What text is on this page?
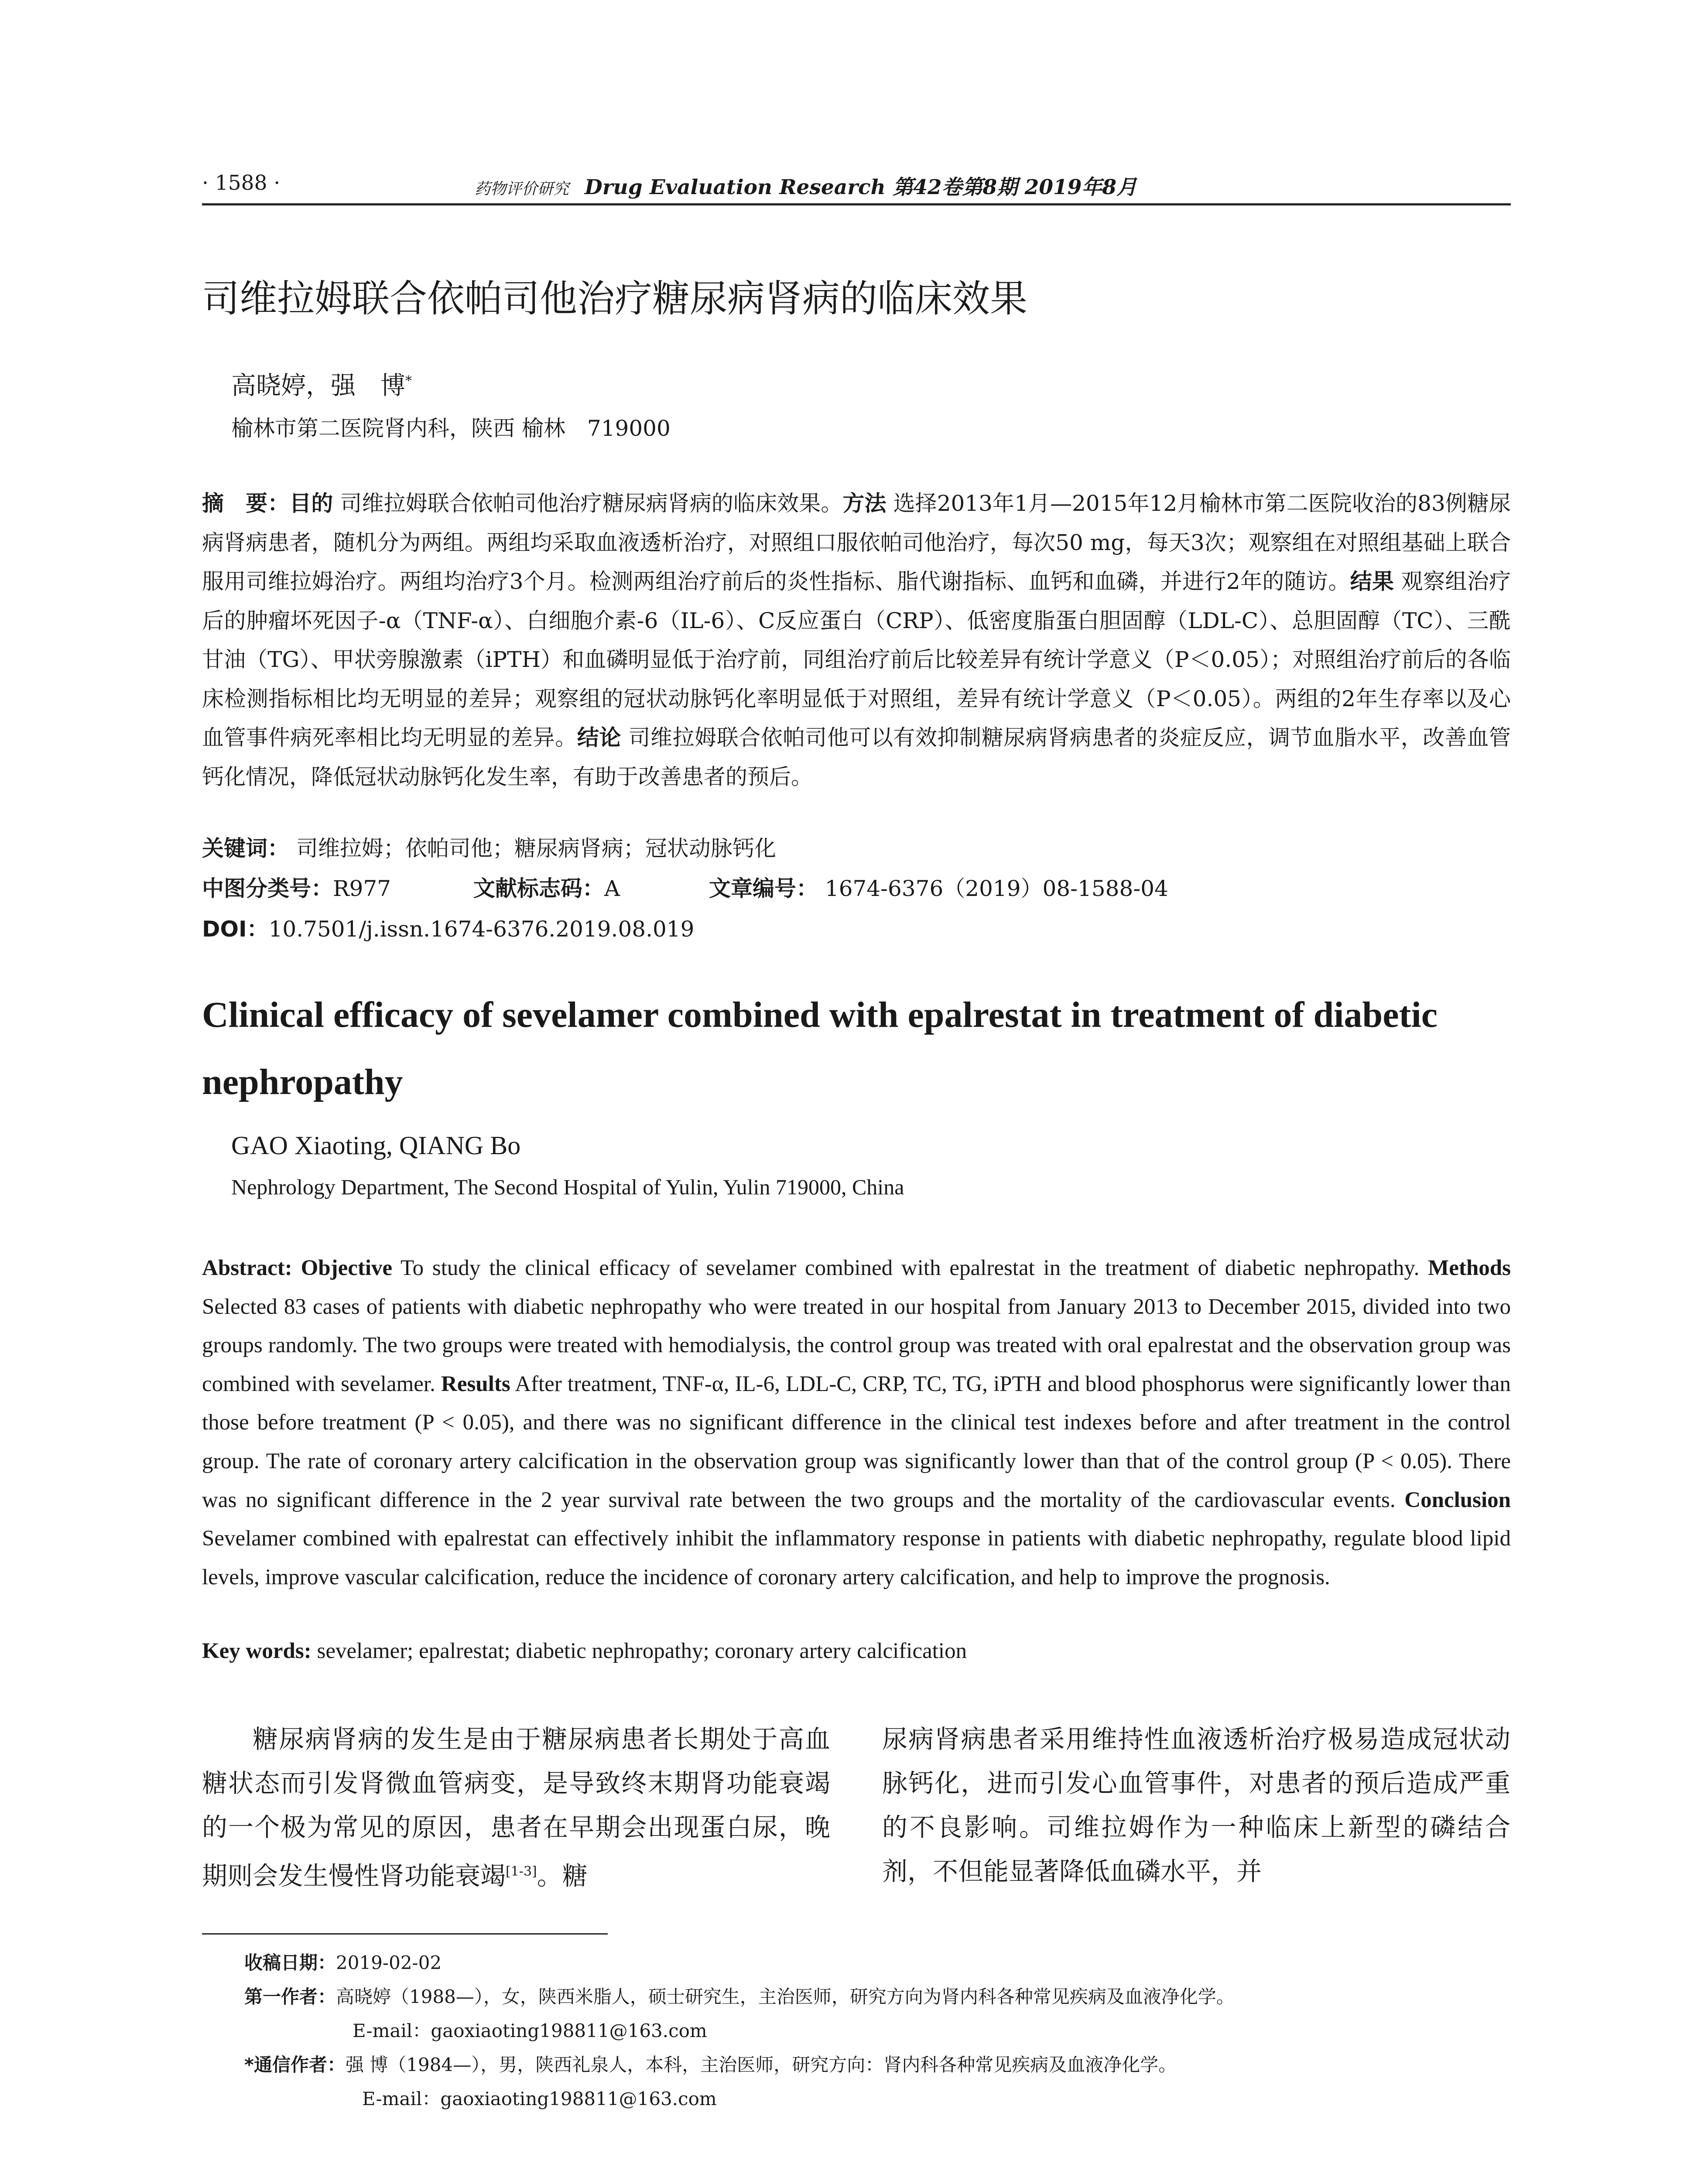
· 1588 ·	药物评价研究 Drug Evaluation Research 第42卷第8期 2019年8月
司维拉姆联合依帕司他治疗糖尿病肾病的临床效果
高晓婷，强　博*
榆林市第二医院肾内科，陕西 榆林　719000
摘　要：目的 司维拉姆联合依帕司他治疗糖尿病肾病的临床效果。方法 选择2013年1月—2015年12月榆林市第二医院收治的83例糖尿病肾病患者，随机分为两组。两组均采取血液透析治疗，对照组口服依帕司他治疗，每次50 mg，每天3次；观察组在对照组基础上联合服用司维拉姆治疗。两组均治疗3个月。检测两组治疗前后的炎性指标、脂代谢指标、血钙和血磷，并进行2年的随访。结果 观察组治疗后的肿瘤坏死因子-α（TNF-α）、白细胞介素-6（IL-6）、C反应蛋白（CRP）、低密度脂蛋白胆固醇（LDL-C）、总胆固醇（TC）、三酰甘油（TG）、甲状旁腺激素（iPTH）和血磷明显低于治疗前，同组治疗前后比较差异有统计学意义（P＜0.05）；对照组治疗前后的各临床检测指标相比均无明显的差异；观察组的冠状动脉钙化率明显低于对照组，差异有统计学意义（P＜0.05）。两组的2年生存率以及心血管事件病死率相比均无明显的差异。结论 司维拉姆联合依帕司他可以有效抑制糖尿病肾病患者的炎症反应，调节血脂水平，改善血管钙化情况，降低冠状动脉钙化发生率，有助于改善患者的预后。
关键词： 司维拉姆；依帕司他；糖尿病肾病；冠状动脉钙化
中图分类号：R977	文献标志码：A	文章编号： 1674-6376（2019）08-1588-04
DOI：10.7501/j.issn.1674-6376.2019.08.019
Clinical efficacy of sevelamer combined with epalrestat in treatment of diabetic nephropathy
GAO Xiaoting, QIANG Bo
Nephrology Department, The Second Hospital of Yulin, Yulin 719000, China
Abstract: Objective To study the clinical efficacy of sevelamer combined with epalrestat in the treatment of diabetic nephropathy. Methods Selected 83 cases of patients with diabetic nephropathy who were treated in our hospital from January 2013 to December 2015, divided into two groups randomly. The two groups were treated with hemodialysis, the control group was treated with oral epalrestat and the observation group was combined with sevelamer. Results After treatment, TNF-α, IL-6, LDL-C, CRP, TC, TG, iPTH and blood phosphorus were significantly lower than those before treatment (P < 0.05), and there was no significant difference in the clinical test indexes before and after treatment in the control group. The rate of coronary artery calcification in the observation group was significantly lower than that of the control group (P < 0.05). There was no significant difference in the 2 year survival rate between the two groups and the mortality of the cardiovascular events. Conclusion Sevelamer combined with epalrestat can effectively inhibit the inflammatory response in patients with diabetic nephropathy, regulate blood lipid levels, improve vascular calcification, reduce the incidence of coronary artery calcification, and help to improve the prognosis.
Key words: sevelamer; epalrestat; diabetic nephropathy; coronary artery calcification
糖尿病肾病的发生是由于糖尿病患者长期处于高血糖状态而引发肾微血管病变，是导致终末期肾功能衰竭的一个极为常见的原因，患者在早期会出现蛋白尿，晚期则会发生慢性肾功能衰竭[1-3]。糖
尿病肾病患者采用维持性血液透析治疗极易造成冠状动脉钙化，进而引发心血管事件，对患者的预后造成严重的不良影响。司维拉姆作为一种临床上新型的磷结合剂，不但能显著降低血磷水平，并
收稿日期：2019-02-02
第一作者：高晓婷（1988—），女，陕西米脂人，硕士研究生，主治医师，研究方向为肾内科各种常见疾病及血液净化学。
E-mail：gaoxiaoting198811@163.com
*通信作者：强 博（1984—），男，陕西礼泉人，本科，主治医师，研究方向：肾内科各种常见疾病及血液净化学。
E-mail：gaoxiaoting198811@163.com
